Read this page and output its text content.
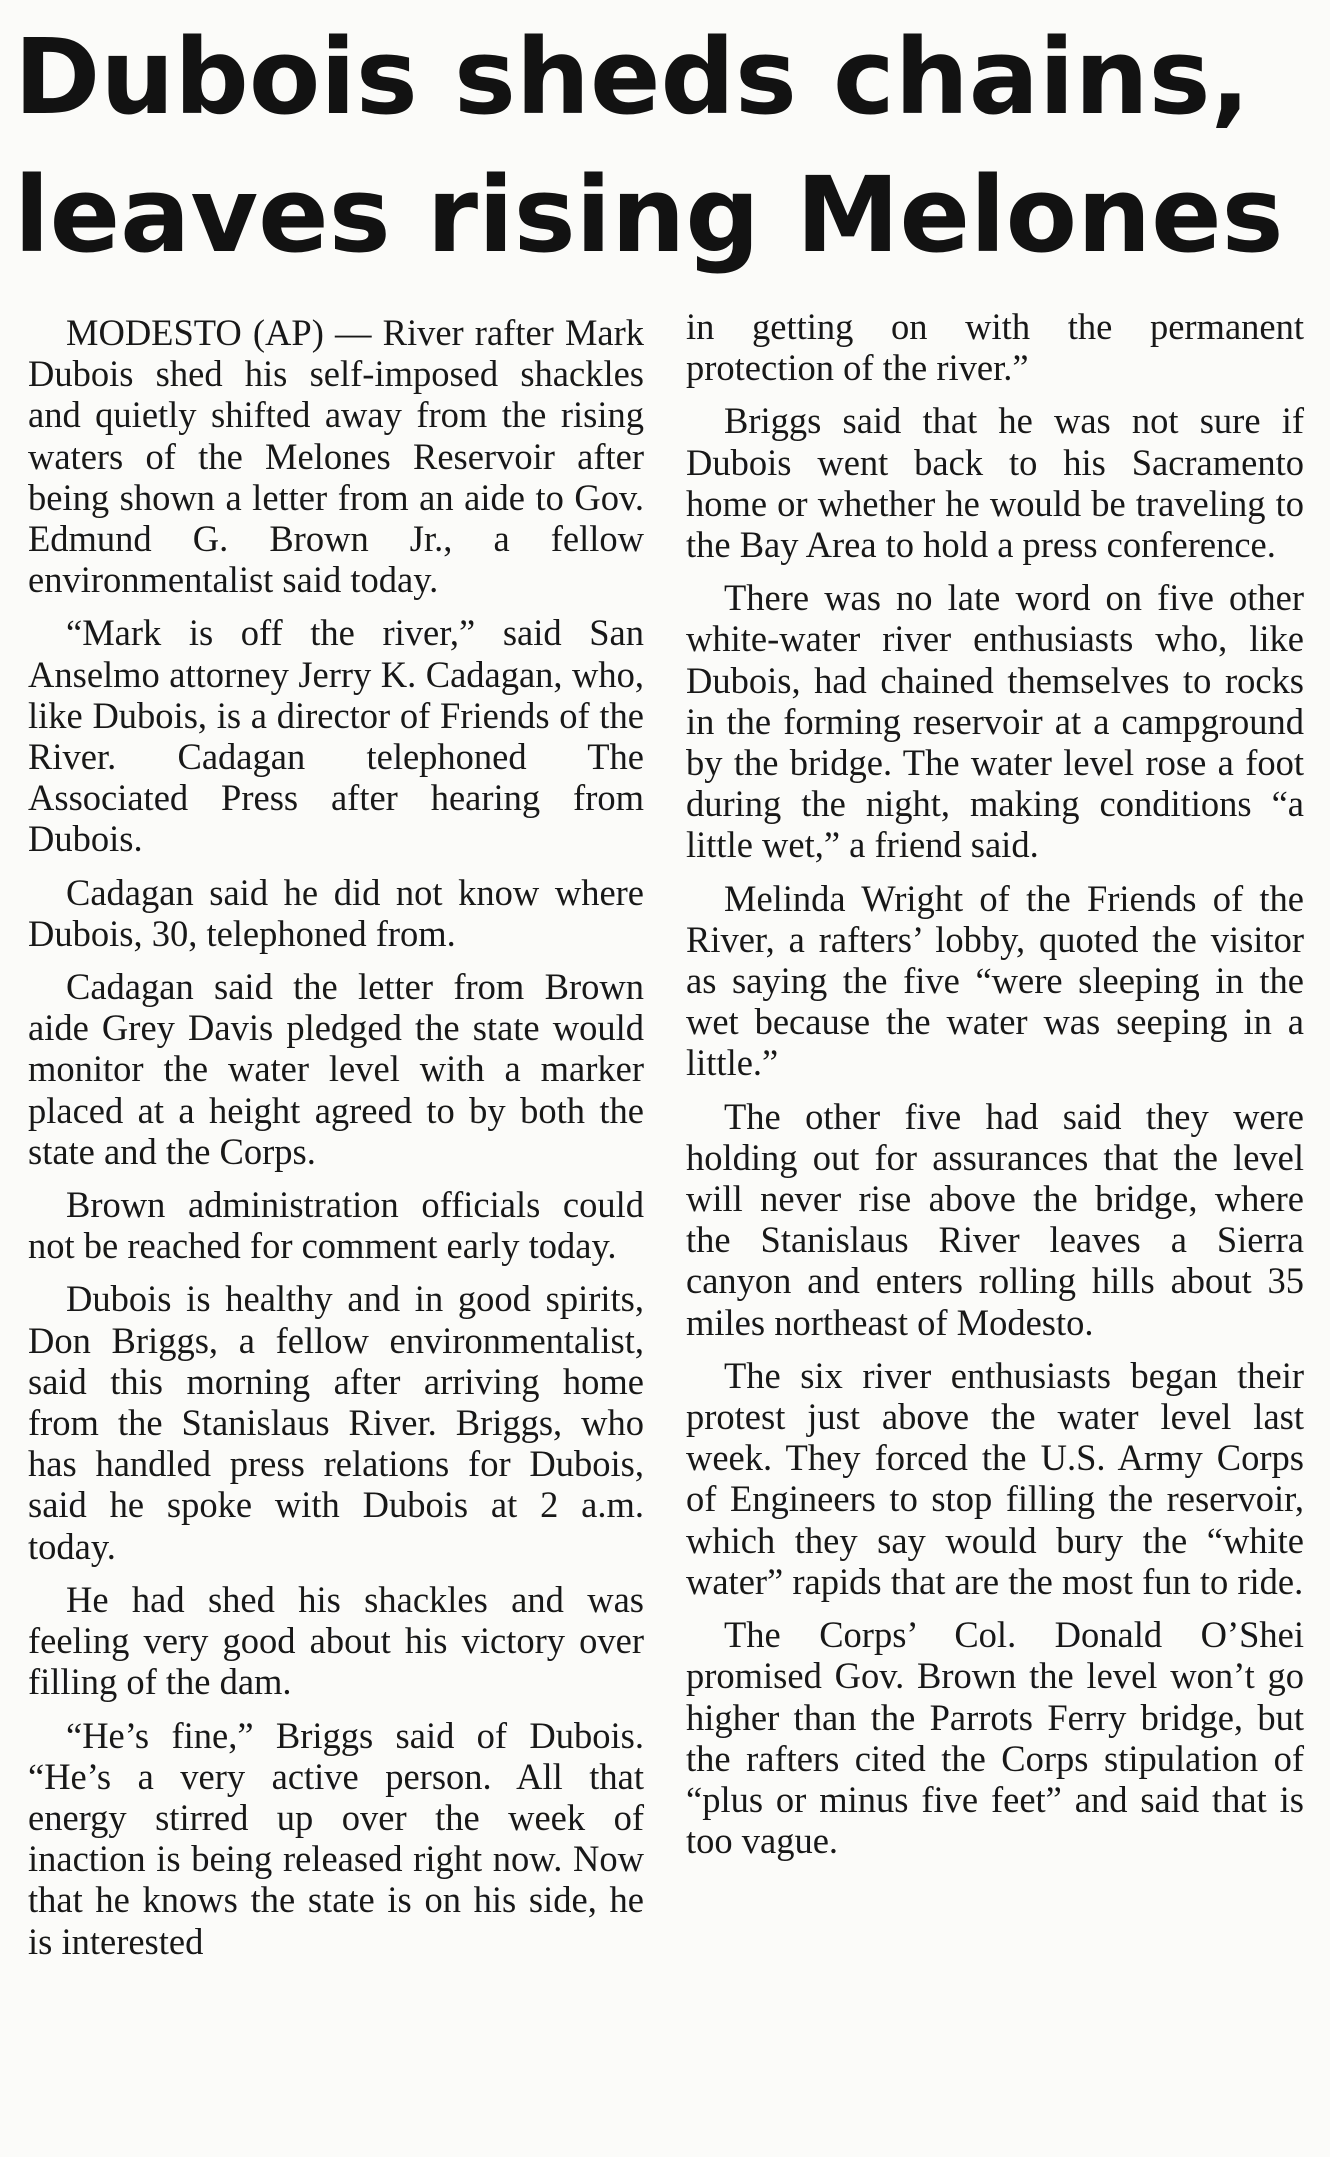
Dubois sheds chains,
leaves rising Melones

MODESTO (AP) — River rafter Mark Dubois shed his self-imposed shackles and quietly shifted away from the rising waters of the Melones Reservoir after being shown a letter from an aide to Gov. Edmund G. Brown Jr., a fellow environmentalist said today.

“Mark is off the river,” said San Anselmo attorney Jerry K. Cadagan, who, like Dubois, is a director of Friends of the River. Cadagan telephoned The Associated Press after hearing from Dubois.

Cadagan said he did not know where Dubois, 30, telephoned from.

Cadagan said the letter from Brown aide Grey Davis pledged the state would monitor the water level with a marker placed at a height agreed to by both the state and the Corps.

Brown administration officials could not be reached for comment early today.

Dubois is healthy and in good spirits, Don Briggs, a fellow environmentalist, said this morning after arriving home from the Stanislaus River. Briggs, who has handled press relations for Dubois, said he spoke with Dubois at 2 a.m. today.

He had shed his shackles and was feeling very good about his victory over filling of the dam.

“He’s fine,” Briggs said of Dubois. “He’s a very active person. All that energy stirred up over the week of inaction is being released right now. Now that he knows the state is on his side, he is interested

in getting on with the permanent protection of the river.”

Briggs said that he was not sure if Dubois went back to his Sacramento home or whether he would be traveling to the Bay Area to hold a press conference.

There was no late word on five other white-water river enthusiasts who, like Dubois, had chained themselves to rocks in the forming reservoir at a campground by the bridge. The water level rose a foot during the night, making conditions “a little wet,” a friend said.

Melinda Wright of the Friends of the River, a rafters’ lobby, quoted the visitor as saying the five “were sleeping in the wet because the water was seeping in a little.”

The other five had said they were holding out for assurances that the level will never rise above the bridge, where the Stanislaus River leaves a Sierra canyon and enters rolling hills about 35 miles northeast of Modesto.

The six river enthusiasts began their protest just above the water level last week. They forced the U.S. Army Corps of Engineers to stop filling the reservoir, which they say would bury the “white water” rapids that are the most fun to ride.

The Corps’ Col. Donald O’Shei promised Gov. Brown the level won’t go higher than the Parrots Ferry bridge, but the rafters cited the Corps stipulation of “plus or minus five feet” and said that is too vague.
